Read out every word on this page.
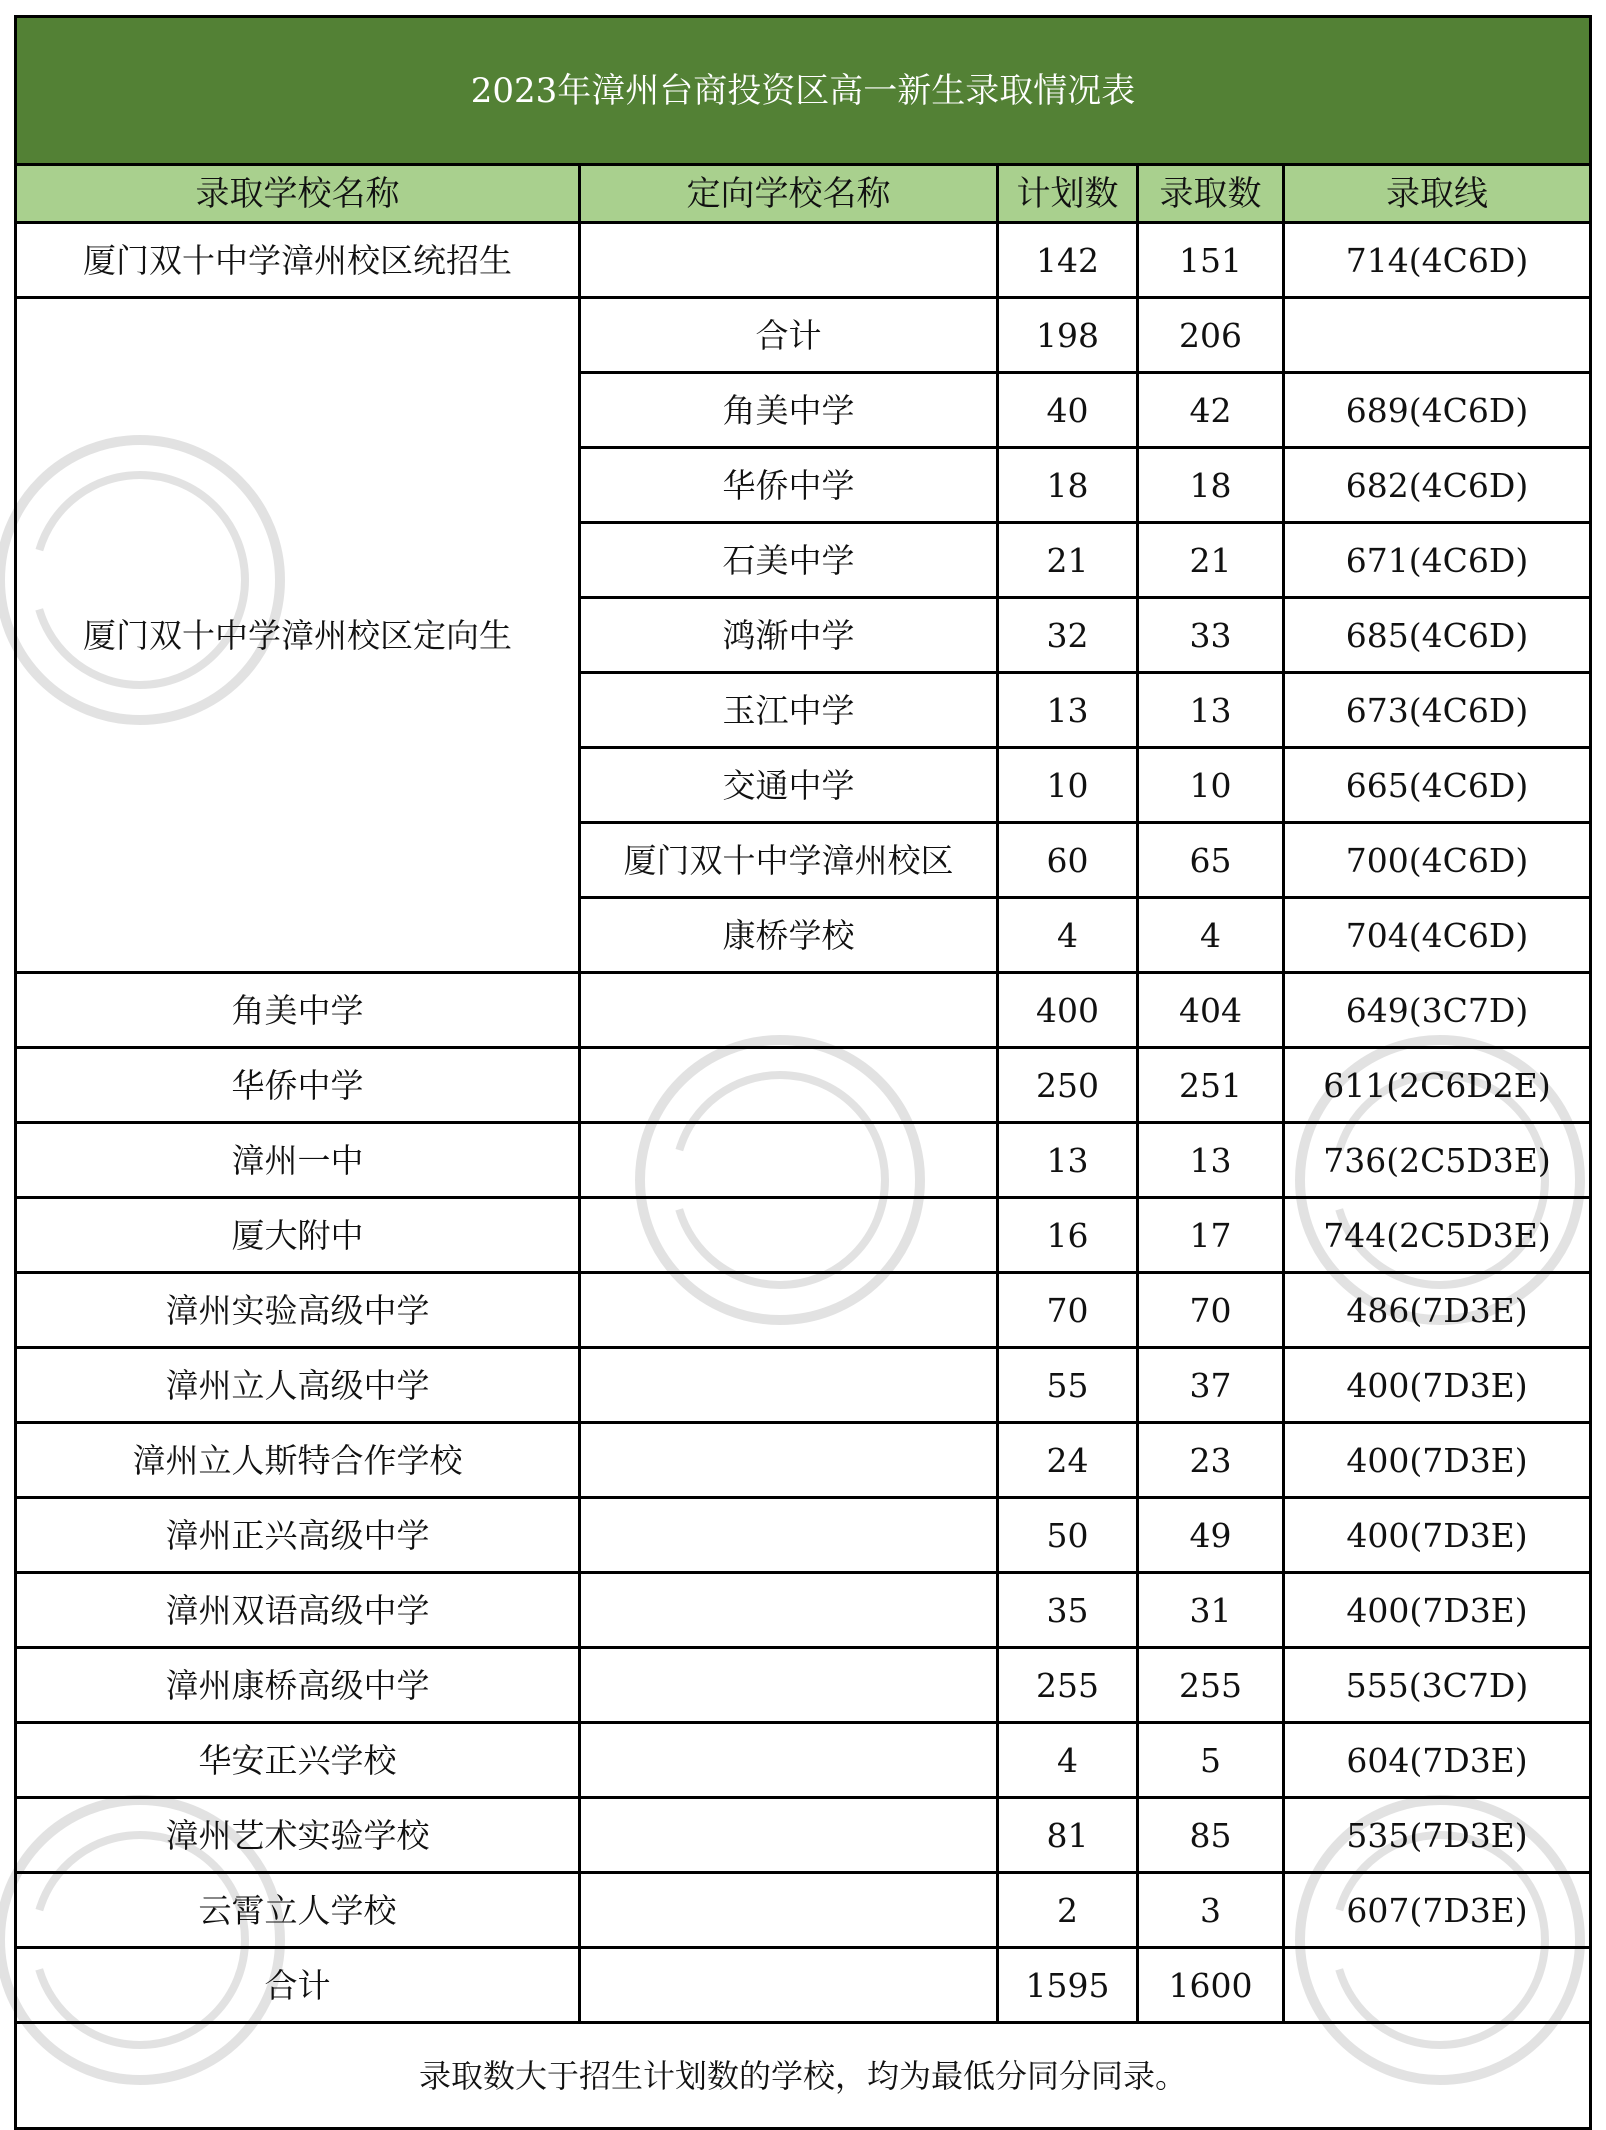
2023年漳州台商投资区高一新生录取情况表				
录取学校名称	定向学校名称	计划数	录取数	录取线
厦门双十中学漳州校区统招生		142	151	714(4C6D)
厦门双十中学漳州校区定向生	合计	198	206	
	角美中学	40	42	689(4C6D)
	华侨中学	18	18	682(4C6D)
	石美中学	21	21	671(4C6D)
	鸿渐中学	32	33	685(4C6D)
	玉江中学	13	13	673(4C6D)
	交通中学	10	10	665(4C6D)
	厦门双十中学漳州校区	60	65	700(4C6D)
	康桥学校	4	4	704(4C6D)
角美中学		400	404	649(3C7D)
华侨中学		250	251	611(2C6D2E)
漳州一中		13	13	736(2C5D3E)
厦大附中		16	17	744(2C5D3E)
漳州实验高级中学		70	70	486(7D3E)
漳州立人高级中学		55	37	400(7D3E)
漳州立人斯特合作学校		24	23	400(7D3E)
漳州正兴高级中学		50	49	400(7D3E)
漳州双语高级中学		35	31	400(7D3E)
漳州康桥高级中学		255	255	555(3C7D)
华安正兴学校		4	5	604(7D3E)
漳州艺术实验学校		81	85	535(7D3E)
云霄立人学校		2	3	607(7D3E)
合计		1595	1600	
录取数大于招生计划数的学校，均为最低分同分同录。				
